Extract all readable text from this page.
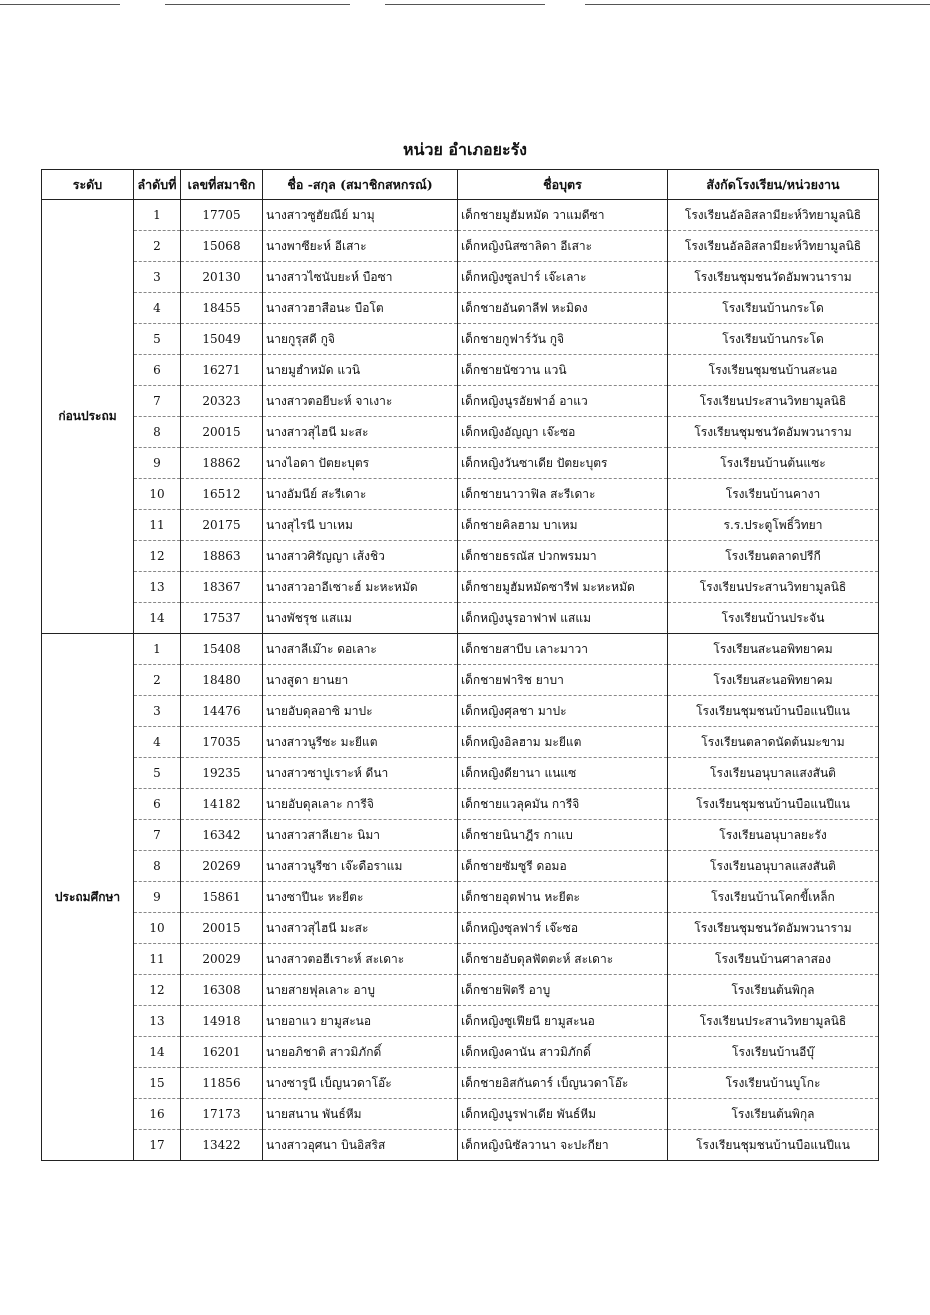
หน่วย อำเภอยะรัง
ระดับ	ลำดับที่	เลขที่สมาชิก	ชื่อ -สกุล (สมาชิกสหกรณ์)	ชื่อบุตร	สังกัดโรงเรียน/หน่วยงาน
ก่อนประถม	1	17705	นางสาวซูฮัยณีย์ มามุ	เด็กชายมูฮัมหมัด วาแมดีซา	โรงเรียนอัลอิสลามียะห์วิทยามูลนิธิ
	2	15068	นางพาซียะห์ อีเสาะ	เด็กหญิงนิสซาลิดา อีเสาะ	โรงเรียนอัลอิสลามียะห์วิทยามูลนิธิ
	3	20130	นางสาวไซนับยะห์ บือซา	เด็กหญิงซูลปาร์ เจ๊ะเลาะ	โรงเรียนชุมชนวัดอัมพวนาราม
	4	18455	นางสาวฮาสือนะ บือโต	เด็กชายอันดาลีฟ หะมิดง	โรงเรียนบ้านกระโด
	5	15049	นายกูรุสดี กูจิ	เด็กชายกูฟาร์วัน กูจิ	โรงเรียนบ้านกระโด
	6	16271	นายมูฮำหมัด แวนิ	เด็กชายนัซวาน แวนิ	โรงเรียนชุมชนบ้านสะนอ
	7	20323	นางสาวตอยีบะห์ จาเงาะ	เด็กหญิงนูรอัยฟาอ์ อาแว	โรงเรียนประสานวิทยามูลนิธิ
	8	20015	นางสาวสุไฮนี มะสะ	เด็กหญิงอัญญา เจ๊ะซอ	โรงเรียนชุมชนวัดอัมพวนาราม
	9	18862	นางไอดา ปัตยะบุตร	เด็กหญิงวันซาเดีย ปัตยะบุตร	โรงเรียนบ้านต้นแซะ
	10	16512	นางอัมนีย์ สะรีเดาะ	เด็กชายนาวาฟิล สะรีเดาะ	โรงเรียนบ้านคางา
	11	20175	นางสุไรนี บาเหม	เด็กชายคิลฮาม บาเหม	ร.ร.ประตูโพธิ์วิทยา
	12	18863	นางสาวศิรัญญา เส้งชิว	เด็กชายธรณัส ปวกพรมมา	โรงเรียนตลาดปรีกี
	13	18367	นางสาวอาอีเซาะฮ์ มะหะหมัด	เด็กชายมูฮัมหมัดซารีฟ มะหะหมัด	โรงเรียนประสานวิทยามูลนิธิ
	14	17537	นางพัชรุช แสแม	เด็กหญิงนูรอาฟาฟ แสแม	โรงเรียนบ้านประจัน
ประถมศึกษา	1	15408	นางสาลีเม๊าะ ดอเลาะ	เด็กชายสาบีบ เลาะมาวา	โรงเรียนสะนอพิทยาคม
	2	18480	นางสูดา ยานยา	เด็กชายฟาริช ยาบา	โรงเรียนสะนอพิทยาคม
	3	14476	นายอับดุลอาซิ มาปะ	เด็กหญิงศุลชา มาปะ	โรงเรียนชุมชนบ้านบือแนปีแน
	4	17035	นางสาวนูรีซะ มะยีแต	เด็กหญิงอิลฮาม มะยีแต	โรงเรียนตลาดนัดต้นมะขาม
	5	19235	นางสาวซาปูเราะห์ ดีนา	เด็กหญิงดียานา แนแซ	โรงเรียนอนุบาลแสงสันติ
	6	14182	นายอับดุลเลาะ การีจิ	เด็กชายแวลุคมัน การีจิ	โรงเรียนชุมชนบ้านบือแนปีแน
	7	16342	นางสาวสาลีเยาะ นิมา	เด็กชายนินาฎีร กาแบ	โรงเรียนอนุบาลยะรัง
	8	20269	นางสาวนูรีซา เจ๊ะดือราแม	เด็กชายซัมซูรี ดอมอ	โรงเรียนอนุบาลแสงสันติ
	9	15861	นางซาปีนะ หะยีตะ	เด็กชายอุตฟาน หะยีตะ	โรงเรียนบ้านโคกขี้เหล็ก
	10	20015	นางสาวสุไฮนี มะสะ	เด็กหญิงซุลฟาร์ เจ๊ะซอ	โรงเรียนชุมชนวัดอัมพวนาราม
	11	20029	นางสาวตอฮีเราะห์ สะเดาะ	เด็กชายอับดุลฟัตตะห์ สะเดาะ	โรงเรียนบ้านศาลาสอง
	12	16308	นายสายฟุลเลาะ อาบู	เด็กชายฟิตรี อาบู	โรงเรียนต้นพิกุล
	13	14918	นายอาแว ยามูสะนอ	เด็กหญิงซูเฟียนี ยามูสะนอ	โรงเรียนประสานวิทยามูลนิธิ
	14	16201	นายอภิชาติ สาวมิภักดิ์	เด็กหญิงคานัน สาวมิภักดิ์	โรงเรียนบ้านอีบุ๊
	15	11856	นางซารูนี เบ็ญนวดาโอ๊ะ	เด็กชายอิสกันดาร์ เบ็ญนวดาโอ๊ะ	โรงเรียนบ้านบูโกะ
	16	17173	นายสนาน พันธ์หีม	เด็กหญิงนูรฟาเดีย พันธ์หีม	โรงเรียนต้นพิกุล
	17	13422	นางสาวอุศนา บินอิสริส	เด็กหญิงนิซัลวานา จะปะกียา	โรงเรียนชุมชนบ้านบือแนปีแน
